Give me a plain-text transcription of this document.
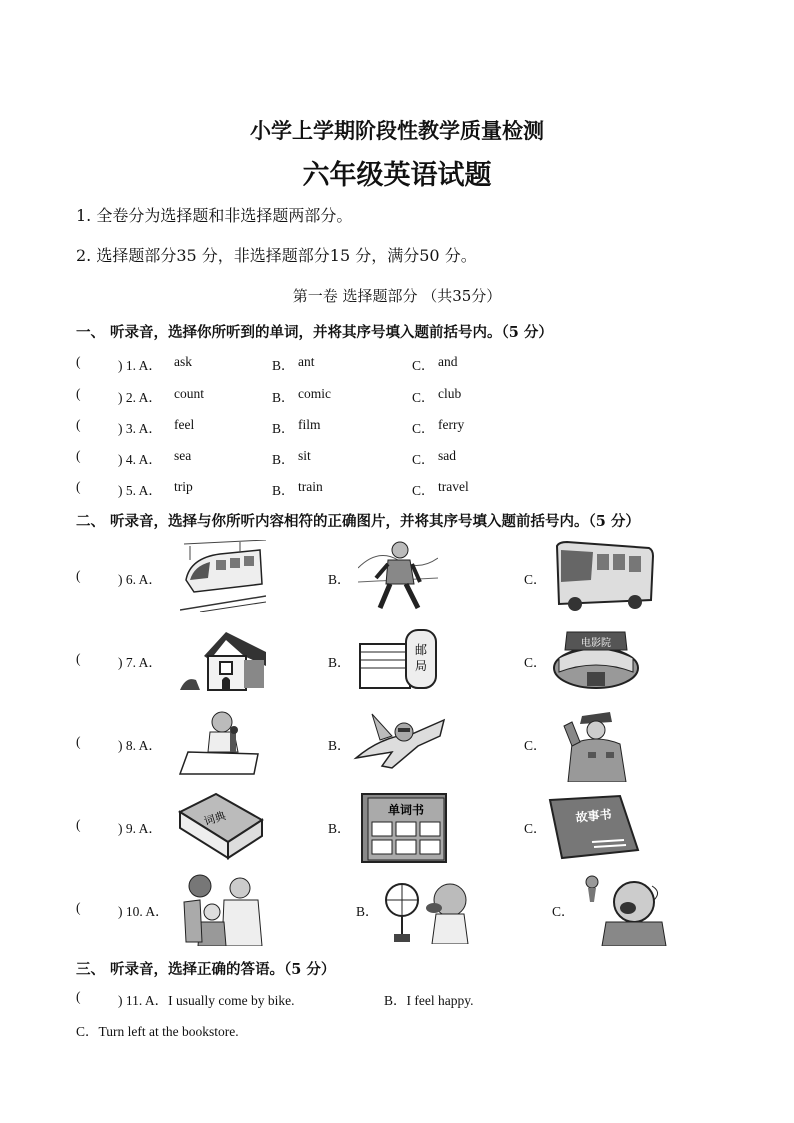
小学上学期阶段性教学质量检测
六年级英语试题
1. 全卷分为选择题和非选择题两部分。
2. 选择题部分35 分，非选择题部分15 分，满分50 分。
第一卷 选择题部分 （共35分）
一、 听录音，选择你所听到的单词，并将其序号填入题前括号内。（5 分）
(	) 1. A． ask	B． ant	C． and
(	) 2. A． count	B． comic	C． club
(	) 3. A． feel	B． film	C． ferry
(	) 4. A． sea	B． sit	C． sad
(	) 5. A． trip	B． train	C． travel
二、 听录音，选择与你所听内容相符的正确图片，并将其序号填入题前括号内。（5 分）
(	) 6. A．	B．	C．
(	) 7. A．	B．	C．
邮
局
电影院
(	) 8. A．	B．	C．
(	) 9. A．	B．	C．
词典	单词书	故事书
(	) 10. A．	B．	C．
三、 听录音，选择正确的答语。（5 分）
(	) 11. A．I usually come by bike.	B．I feel happy.
C．Turn left at the bookstore.
